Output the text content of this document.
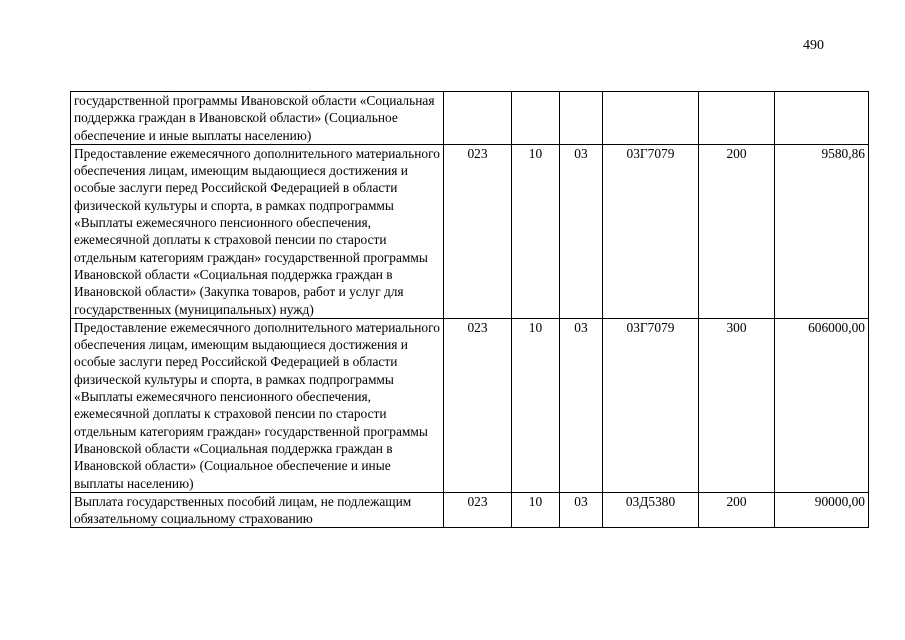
490
государственной программы Ивановской области «Социальная поддержка граждан в Ивановской области» (Социальное обеспечение и иные выплаты населению)						
Предоставление ежемесячного дополнительного материального обеспечения лицам, имеющим выдающиеся достижения и особые заслуги перед Российской Федерацией в области физической культуры и спорта, в рамках подпрограммы «Выплаты ежемесячного пенсионного обеспечения, ежемесячной доплаты к страховой пенсии по старости отдельным категориям граждан» государственной программы Ивановской области «Социальная поддержка граждан в Ивановской области» (Закупка товаров, работ и услуг для государственных (муниципальных) нужд)	023	10	03	03Г7079	200	9580,86
Предоставление ежемесячного дополнительного материального обеспечения лицам, имеющим выдающиеся достижения и особые заслуги перед Российской Федерацией в области физической культуры и спорта, в рамках подпрограммы «Выплаты ежемесячного пенсионного обеспечения, ежемесячной доплаты к страховой пенсии по старости отдельным категориям граждан» государственной программы Ивановской области «Социальная поддержка граждан в Ивановской области» (Социальное обеспечение и иные выплаты населению)	023	10	03	03Г7079	300	606000,00
Выплата государственных пособий лицам, не подлежащим обязательному социальному страхованию	023	10	03	03Д5380	200	90000,00
